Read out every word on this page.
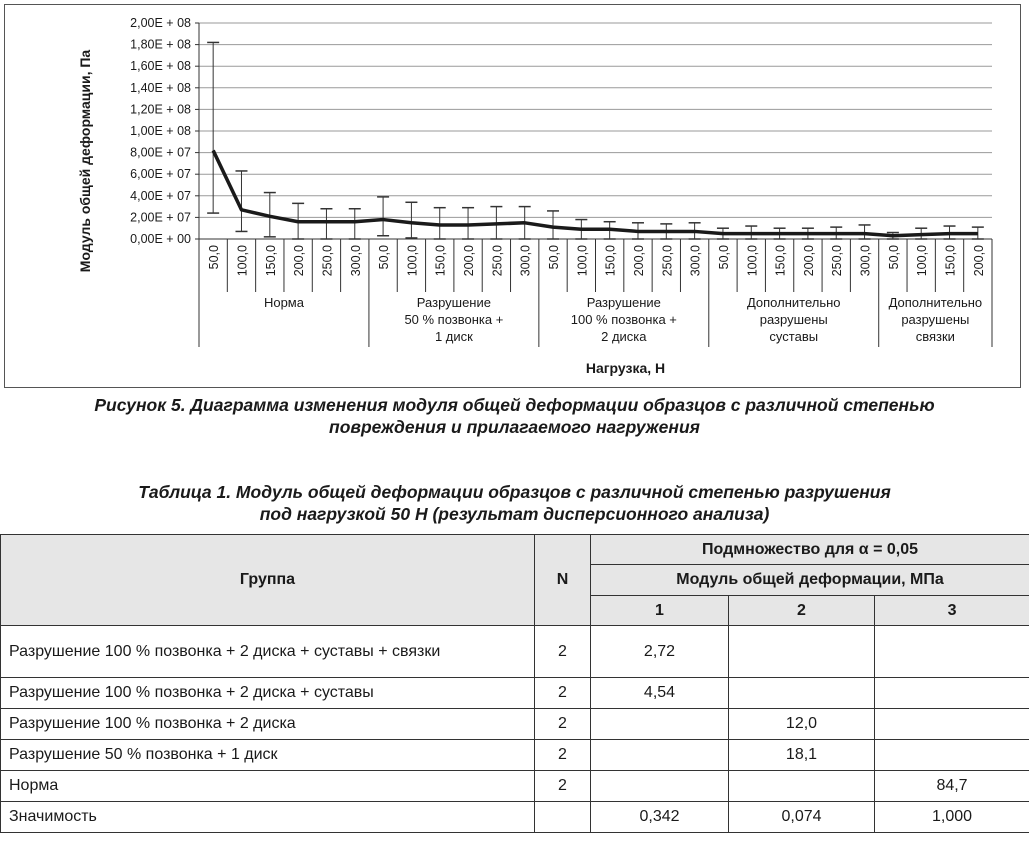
0,00E + 00
2,00E + 07
4,00E + 07
6,00E + 07
8,00E + 07
1,00E + 08
1,20E + 08
1,40E + 08
1,60E + 08
1,80E + 08
2,00E + 08
50,0 100,0 150,0 200,0 250,0 300,0 50,0 100,0 150,0 200,0 250,0 300,0 50,0 100,0 150,0 200,0 250,0 300,0 50,0 100,0 150,0 200,0 250,0 300,0 50,0 100,0 150,0 200,0
Норма	Разрушение
50 % позвонка +
1 диск
Разрушение
100 % позвонка +
2 диска
Дополнительно
разрушены
суставы
Дополнительно
разрушены
связки
Нагрузка, Н
Модуль общей деформации, Па
Рисунок 5. Диаграмма изменения модуля общей деформации образцов с различной степенью
повреждения и прилагаемого нагружения
Таблица 1. Модуль общей деформации образцов с различной степенью разрушения
под нагрузкой 50 Н (результат дисперсионного анализа)
Группа	N	Подмножество для α = 0,05		
		Модуль общей деформации, МПа		
		1	2	3
Разрушение 100 % позвонка + 2 диска + суставы + связки	2	2,72		
Разрушение 100 % позвонка + 2 диска + суставы	2	4,54		
Разрушение 100 % позвонка + 2 диска	2		12,0	
Разрушение 50 % позвонка + 1 диск	2		18,1	
Норма	2			84,7
Значимость		0,342	0,074	1,000
